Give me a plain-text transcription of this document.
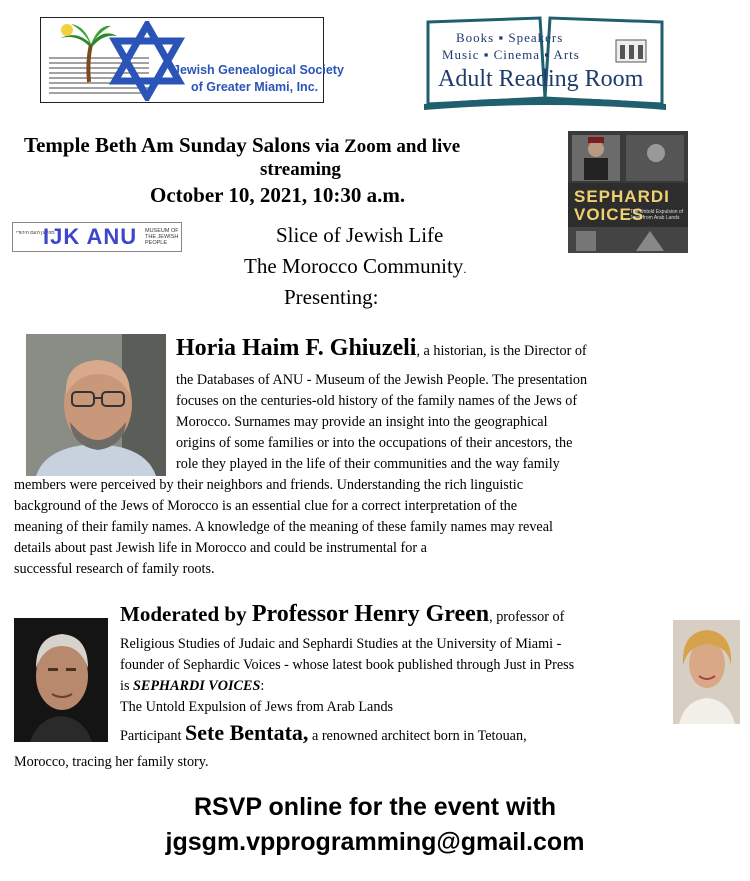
Jewish Genealogical Society
of Greater Miami, Inc.
Books ▪ Speakers
Music ▪ Cinema ▪ Arts
Adult Reading Room
Temple Beth Am Sunday Salons via Zoom and live
streaming
October 10, 2021, 10:30 a.m.
מוזיאון העם היהודי
IJK ANU MUSEUM OF THE JEWISH PEOPLE	Slice of Jewish Life
The Morocco Community.
Presenting:
SEPHARDI
VOICES
The Untold Expulsion of Jews from Arab Lands
Horia Haim F. Ghiuzeli, a historian, is the Director of
the Databases of ANU - Museum of the Jewish People. The presentation
focuses on the centuries-old history of the family names of the Jews of
Morocco. Surnames may provide an insight into the geographical
origins of some families or into the occupations of their ancestors, the
role they played in the life of their communities and the way family
members were perceived by their neighbors and friends. Understanding the rich linguistic
background of the Jews of Morocco is an essential clue for a correct interpretation of the
meaning of their family names. A knowledge of the meaning of these family names may reveal
details about past Jewish life in Morocco and could be instrumental for a
successful research of family roots.
Moderated by Professor Henry Green, professor of
Religious Studies of Judaic and Sephardi Studies at the University of Miami -
founder of Sephardic Voices - whose latest book published through Just in Press
is SEPHARDI VOICES:
The Untold Expulsion of Jews from Arab Lands
Participant Sete Bentata, a renowned architect born in Tetouan,
Morocco, tracing her family story.
RSVP online for the event with
jgsgm.vpprogramming@gmail.com
